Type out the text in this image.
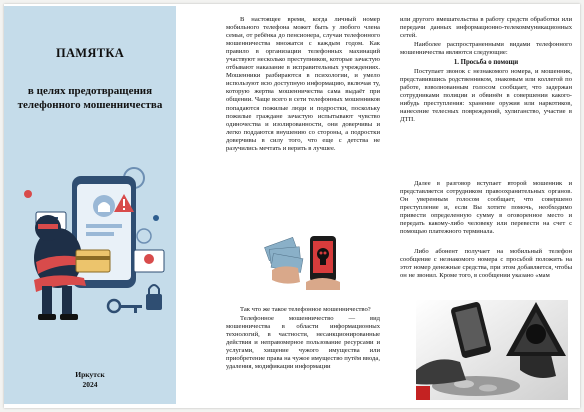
ПАМЯТКА
в целях предотвращения
телефонного мошенничества
Иркутск
2024

В настоящее время, когда личный номер мобильного телефона может быть у любого члена семьи, от ребёнка до пенсионера, случаи телефонного мошенничества множатся с каждым годом. Как правило в организации телефонных махинаций участвуют несколько преступников, которые зачастую отбывают наказание в исправительных учреждениях. Мошенники разбираются в психологии, и умело используют всю доступную информацию, включая ту, которую жертва мошенничества сама выдаёт при общении. Чаще всего в сети телефонных мошенников попадаются пожилые люди и подростки, поскольку пожилые граждане зачастую испытывают чувство одиночества и изолированности, они доверчивы и легко поддаются внушению со стороны, а подростки доверчивы в силу того, что еще с детства не разучились мечтать и верить в лучшее.

Так что же такое телефонное мошенничество?

Телефонное мошенничество — вид мошенничества в области информационных технологий, в частности, несанкционированные действия и неправомерное пользование ресурсами и услугами, хищение чужого имущества или приобретение права на чужое имущество путём ввода, удаления, модификации информации

или другого вмешательства в работу средств обработки или передачи данных информационно-телекоммуникационных сетей.

Наиболее распространенными видами телефонного мошенничества являются следующие:

1. Просьба о помощи

Поступает звонок с незнакомого номера, и мошенник, представившись родственником, знакомым или коллегой по работе, взволнованным голосом сообщает, что задержан сотрудниками полиции и обвинён в совершении какого-нибудь преступления: хранение оружия или наркотиков, нанесение телесных повреждений, хулиганство, участие в ДТП.

Далее в разговор вступает второй мошенник и представляется сотрудником правоохранительных органов. Он уверенным голосом сообщает, что совершено преступление и, если Вы хотите помочь, необходимо привести определенную сумму в оговоренное место и передать какому-либо человеку или перевести на счет с помощью платежного терминала.

Либо абонент получает на мобильный телефон сообщение с незнакомого номера с просьбой положить на этот номер денежные средства, при этом добавляется, чтобы он не звонил. Кроме того, в сообщении указано «мам
